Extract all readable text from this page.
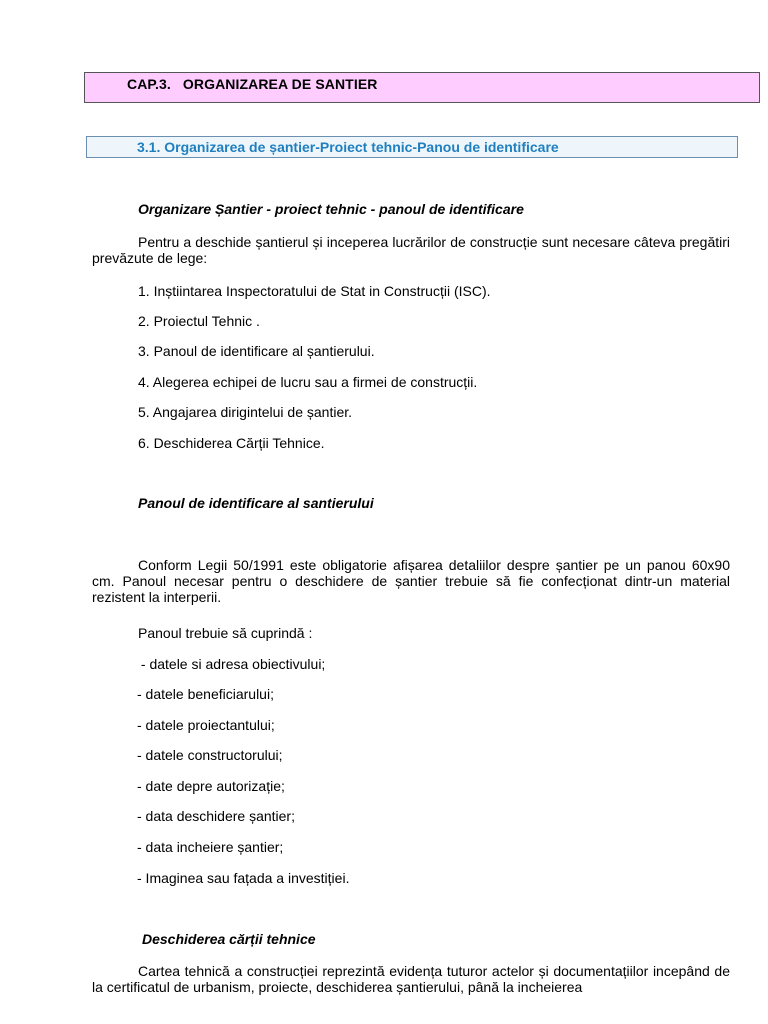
CAP.3.   ORGANIZAREA DE SANTIER
3.1. Organizarea de șantier-Proiect tehnic-Panou de identificare
Organizare Șantier - proiect tehnic - panoul de identificare

Pentru a deschide șantierul și inceperea lucrărilor de construcție sunt necesare câteva pregătiri prevăzute de lege:

1. Inștiintarea Inspectoratului de Stat in Construcții (ISC).
2. Proiectul Tehnic .
3. Panoul de identificare al șantierului.
4. Alegerea echipei de lucru sau a firmei de construcții.
5. Angajarea dirigintelui de șantier.
6. Deschiderea Cărții Tehnice.
Panoul de identificare al santierului

Conform Legii 50/1991 este obligatorie afișarea detaliilor despre șantier pe un panou 60x90 cm. Panoul necesar pentru o deschidere de șantier trebuie să fie confecționat dintr-un material rezistent la interperii.

Panoul trebuie să cuprindă :
- datele si adresa obiectivului;
- datele beneficiarului;
- datele proiectantului;
- datele constructorului;
- date depre autorizație;
- data deschidere șantier;
- data incheiere șantier;
- Imaginea sau fațada a investiției.
Deschiderea cărții tehnice

Cartea tehnică a construcției reprezintă evidența tuturor actelor și documentațiilor incepând de la certificatul de urbanism, proiecte, deschiderea șantierului, până la incheierea
